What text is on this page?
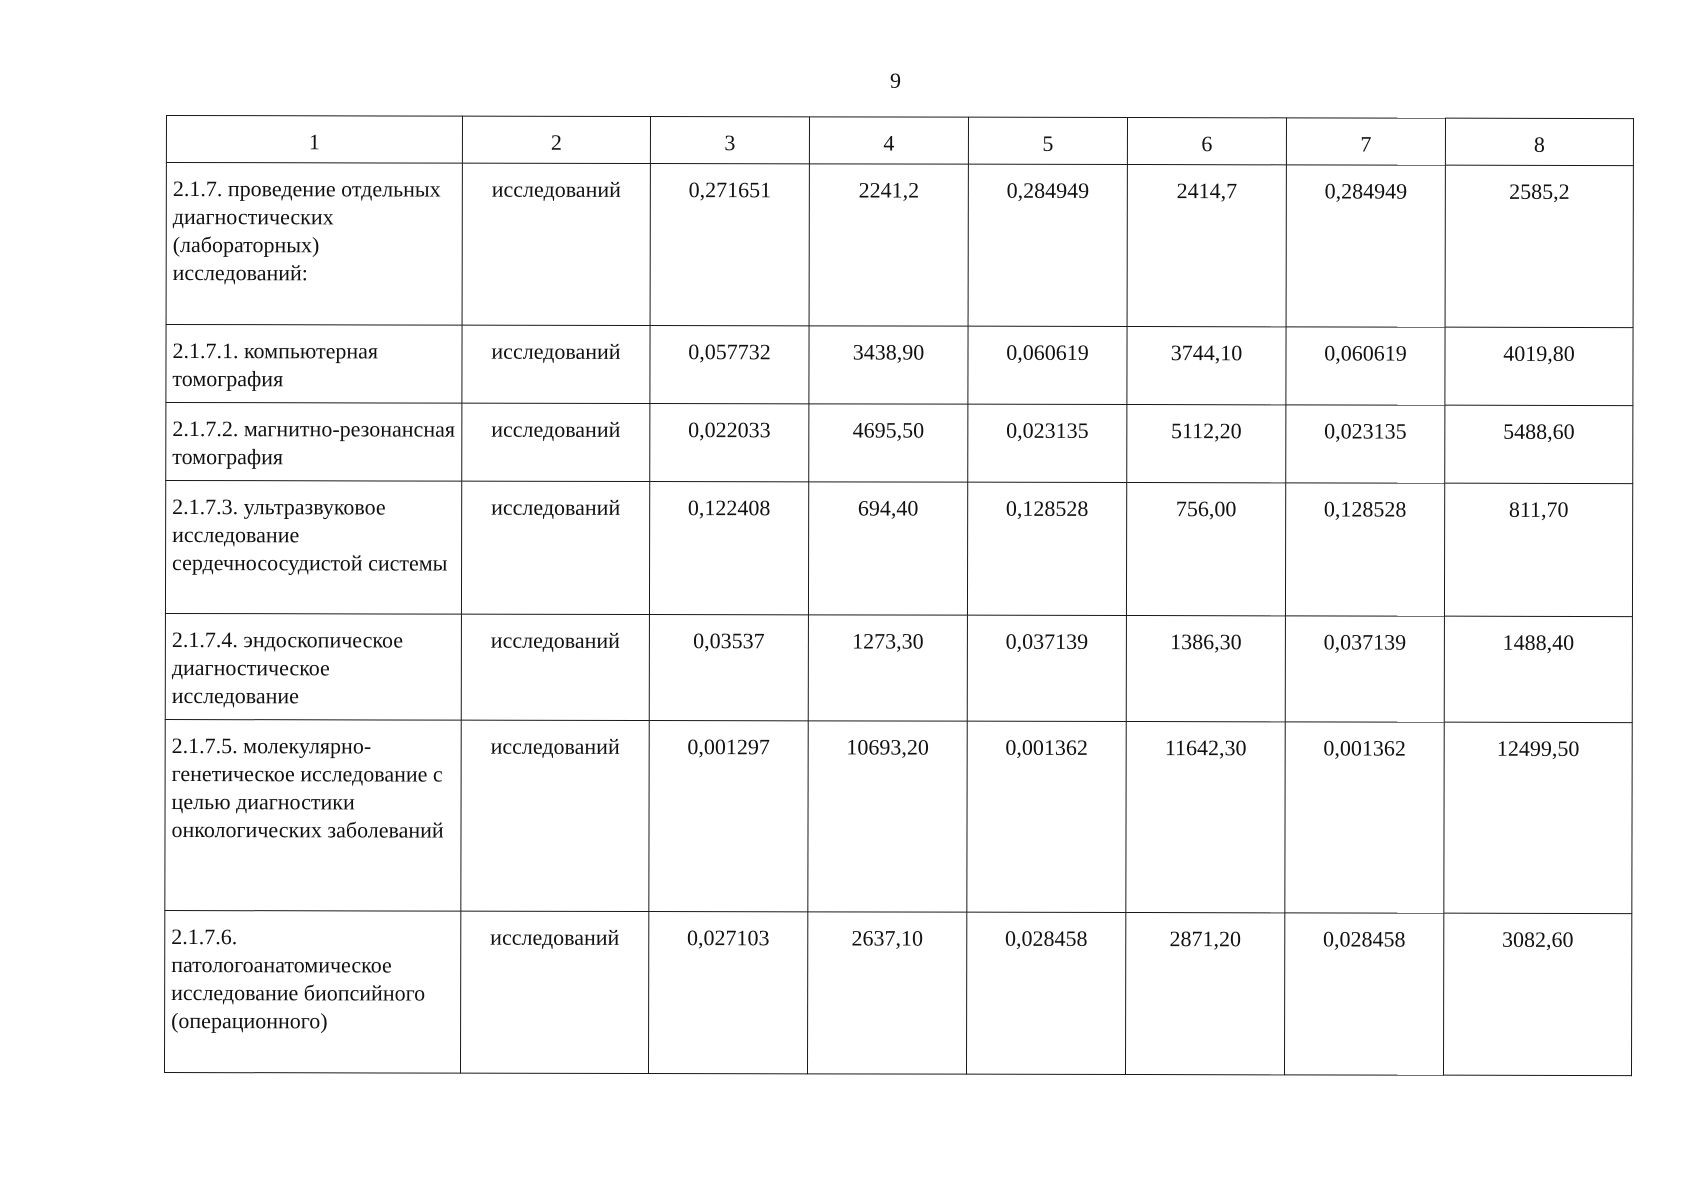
9
1	2	3	4	5	6	7	8
2.1.7. проведение отдельных диагностических (лабораторных) исследований:	исследований	0,271651	2241,2	0,284949	2414,7	0,284949	2585,2
2.1.7.1. компьютерная томография	исследований	0,057732	3438,90	0,060619	3744,10	0,060619	4019,80
2.1.7.2. магнитно-резонансная томография	исследований	0,022033	4695,50	0,023135	5112,20	0,023135	5488,60
2.1.7.3. ультразвуковое исследование сердечнососудистой системы	исследований	0,122408	694,40	0,128528	756,00	0,128528	811,70
2.1.7.4. эндоскопическое диагностическое исследование	исследований	0,03537	1273,30	0,037139	1386,30	0,037139	1488,40
2.1.7.5. молекулярно-генетическое исследование с целью диагностики онкологических заболеваний	исследований	0,001297	10693,20	0,001362	11642,30	0,001362	12499,50
2.1.7.6. патологоанатомическое исследование биопсийного (операционного)	исследований	0,027103	2637,10	0,028458	2871,20	0,028458	3082,60
